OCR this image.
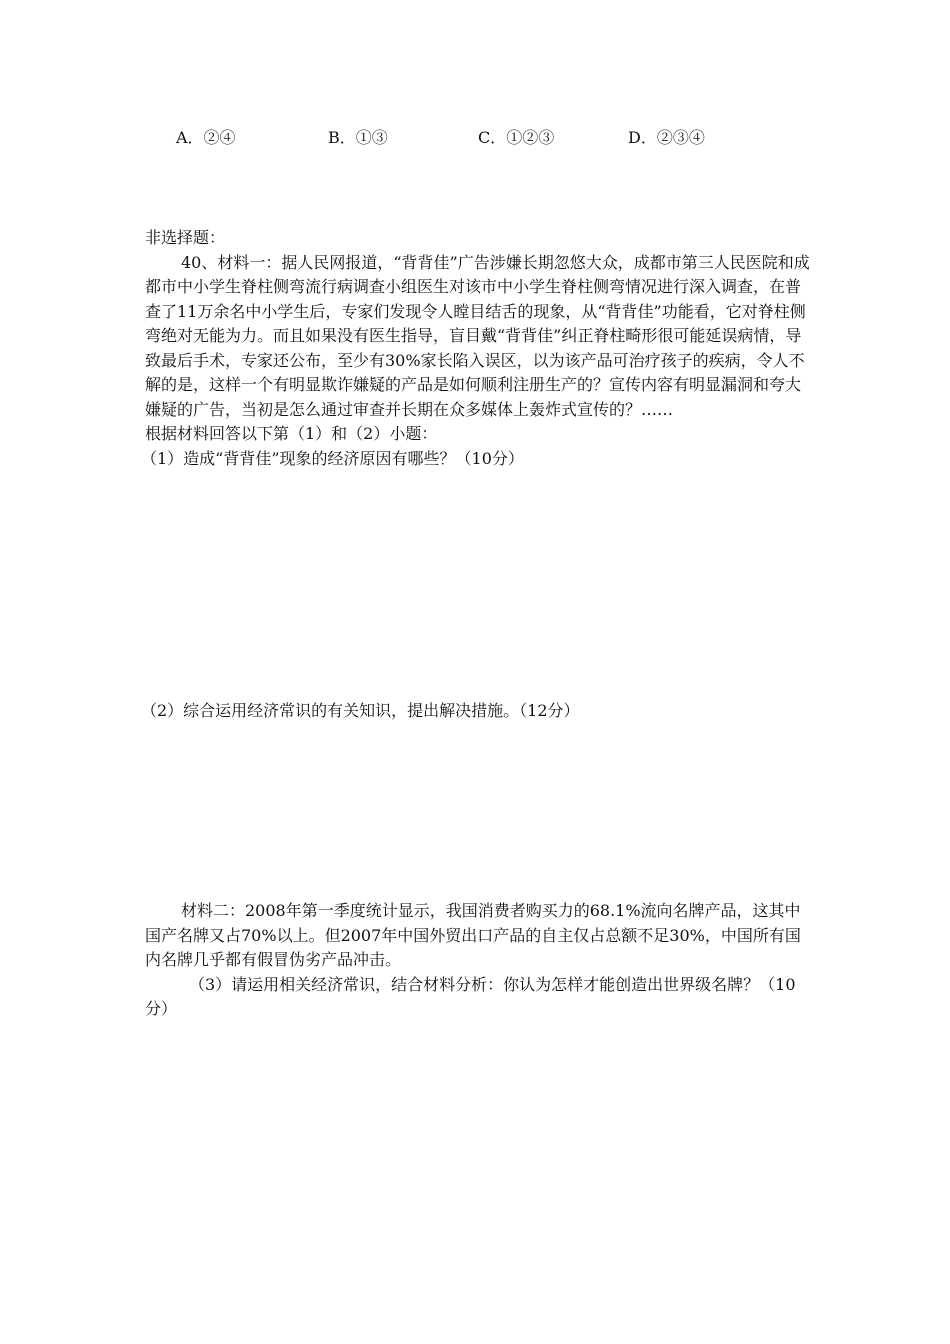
A．②④	B．①③	C．①②③	D．②③④

非选择题：

40、材料一：据人民网报道，“背背佳”广告涉嫌长期忽悠大众，成都市第三人民医院和成都市中小学生脊柱侧弯流行病调查小组医生对该市中小学生脊柱侧弯情况进行深入调查，在普查了11万余名中小学生后，专家们发现令人瞠目结舌的现象，从“背背佳”功能看，它对脊柱侧弯绝对无能为力。而且如果没有医生指导，盲目戴“背背佳”纠正脊柱畸形很可能延误病情，导致最后手术，专家还公布，至少有30%家长陷入误区，以为该产品可治疗孩子的疾病，令人不解的是，这样一个有明显欺诈嫌疑的产品是如何顺利注册生产的？宣传内容有明显漏洞和夸大嫌疑的广告，当初是怎么通过审查并长期在众多媒体上轰炸式宣传的？……

根据材料回答以下第（1）和（2）小题：

（1）造成“背背佳”现象的经济原因有哪些？（10分）

（2）综合运用经济常识的有关知识，提出解决措施。（12分）

材料二：2008年第一季度统计显示，我国消费者购买力的68.1%流向名牌产品，这其中国产名牌又占70%以上。但2007年中国外贸出口产品的自主仅占总额不足30%，中国所有国内名牌几乎都有假冒伪劣产品冲击。

（3）请运用相关经济常识，结合材料分析：你认为怎样才能创造出世界级名牌？（10分）
